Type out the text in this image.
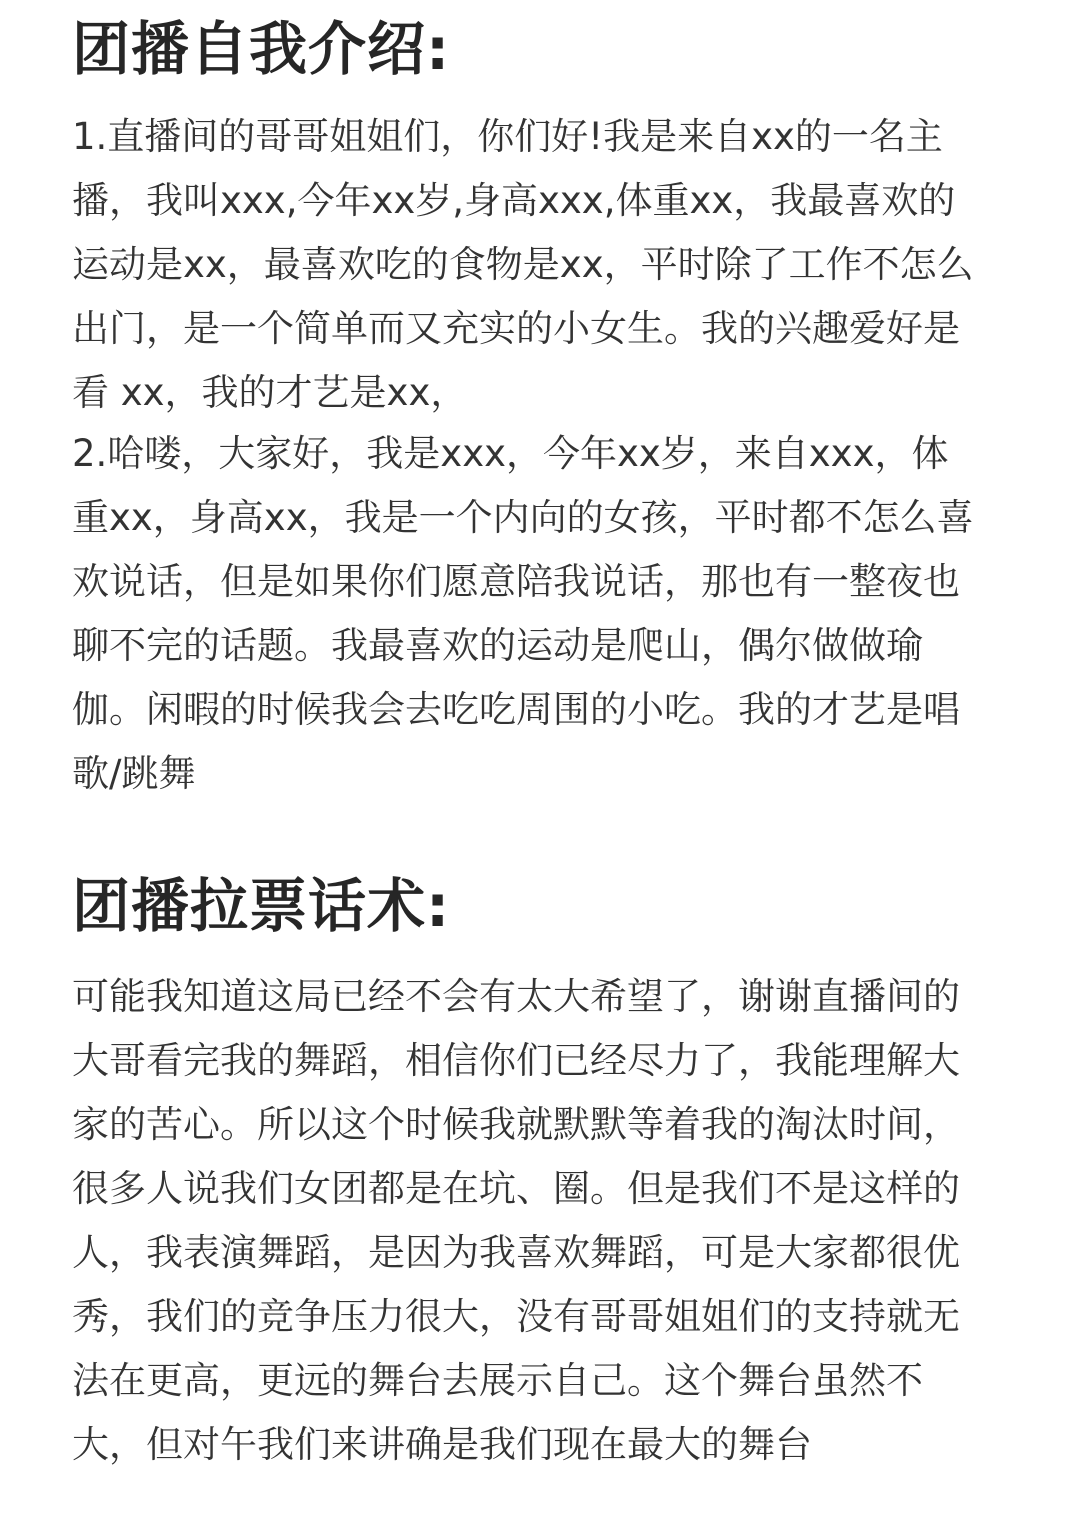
团播自我介绍:
1.直播间的哥哥姐姐们，你们好!我是来自xx的一名主
播，我叫xxx,今年xx岁,身高xxx,体重xx，我最喜欢的
运动是xx，最喜欢吃的食物是xx，平时除了工作不怎么
出门，是一个简单而又充实的小女生。我的兴趣爱好是
看 xx，我的才艺是xx，
2.哈喽，大家好，我是xxx，今年xx岁，来自xxx，体
重xx，身高xx，我是一个内向的女孩，平时都不怎么喜
欢说话，但是如果你们愿意陪我说话，那也有一整夜也
聊不完的话题。我最喜欢的运动是爬山，偶尔做做瑜
伽。闲暇的时候我会去吃吃周围的小吃。我的才艺是唱
歌/跳舞
团播拉票话术:
可能我知道这局已经不会有太大希望了，谢谢直播间的
大哥看完我的舞蹈，相信你们已经尽力了，我能理解大
家的苦心。所以这个时候我就默默等着我的淘汰时间，
很多人说我们女团都是在坑、圈。但是我们不是这样的
人，我表演舞蹈，是因为我喜欢舞蹈，可是大家都很优
秀，我们的竞争压力很大，没有哥哥姐姐们的支持就无
法在更高，更远的舞台去展示自己。这个舞台虽然不
大，但对午我们来讲确是我们现在最大的舞台
